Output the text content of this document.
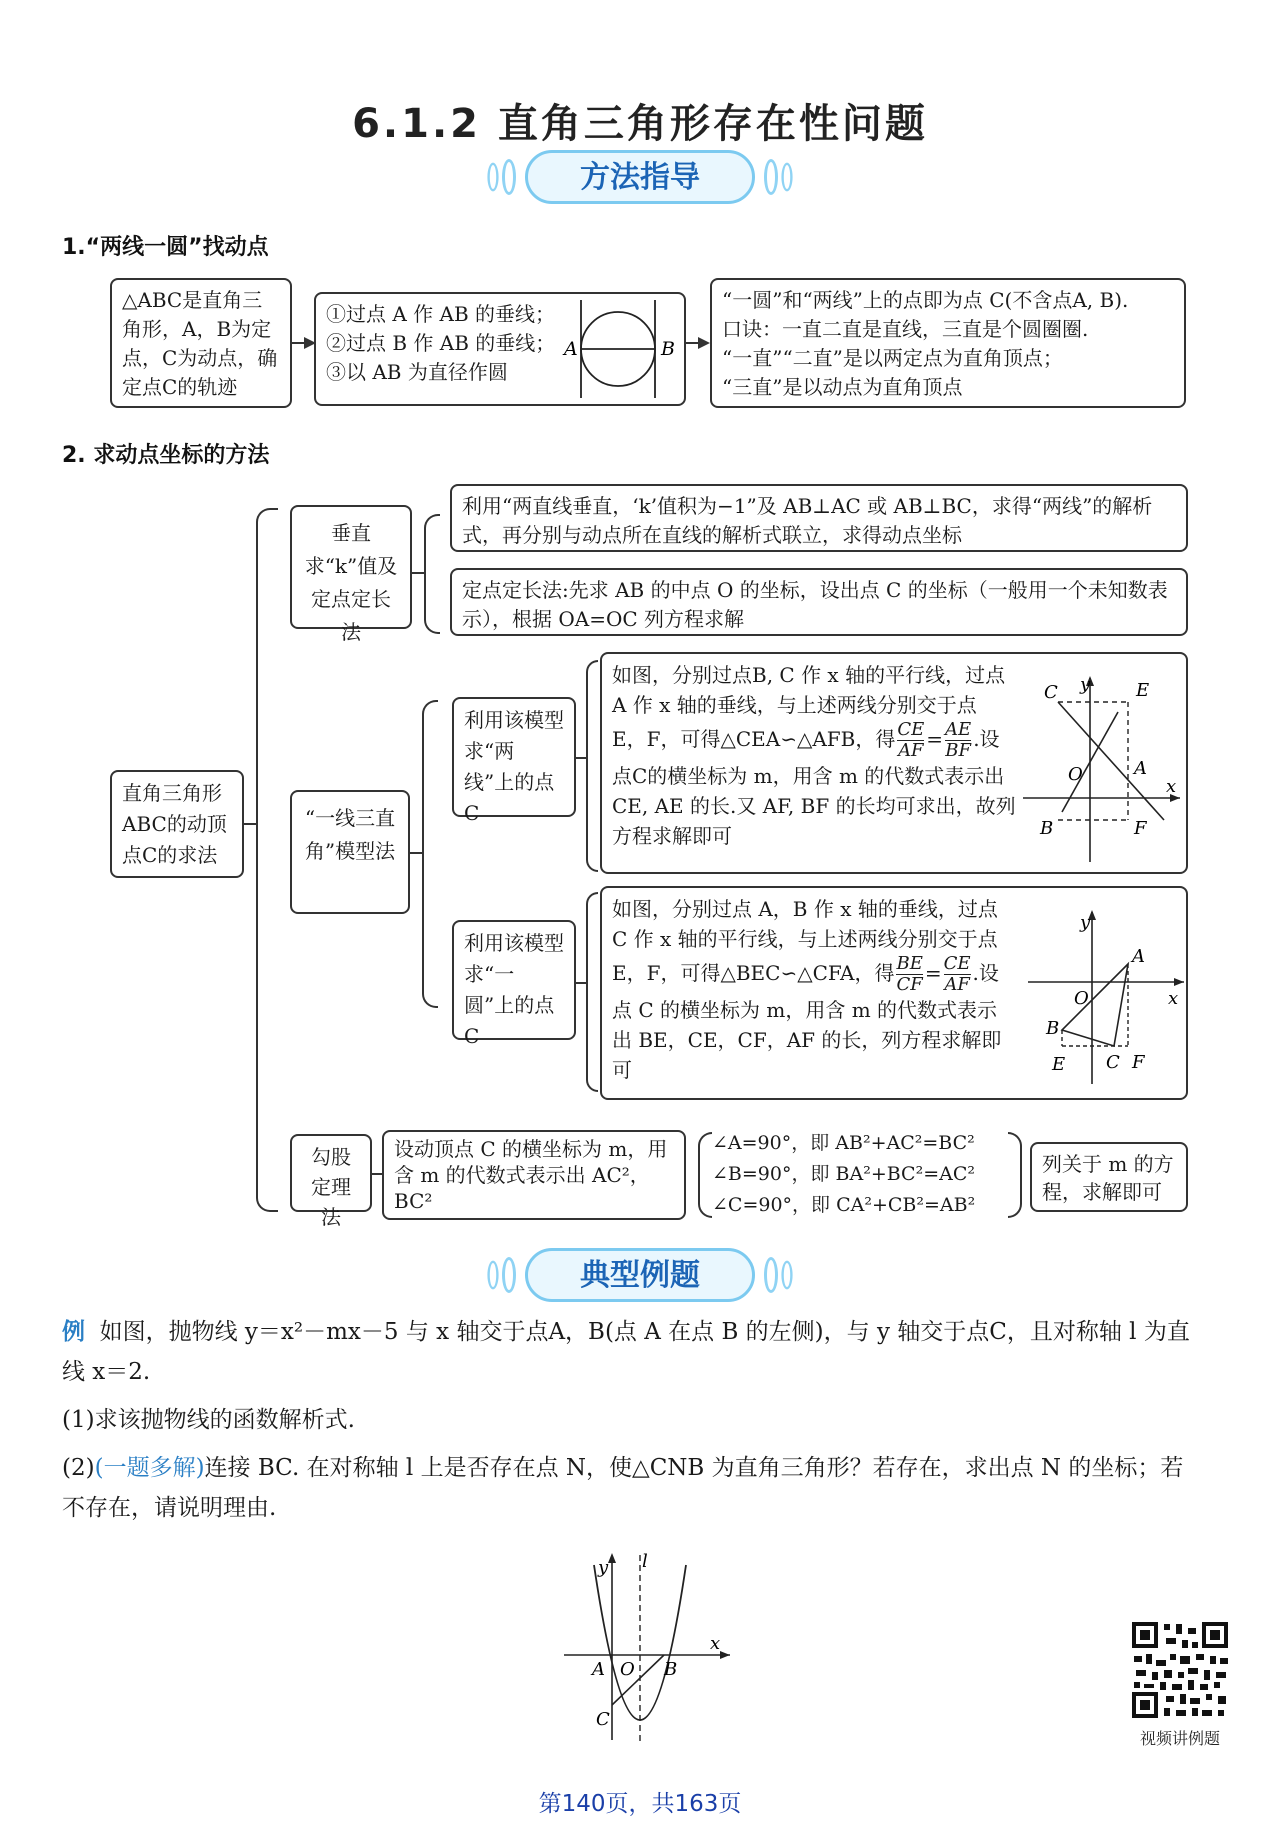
6.1.2 直角三角形存在性问题
方法指导
1.“两线一圆”找动点
△ABC是直角三角形，A，B为定点，C为动点，确定点C的轨迹

①过点 A 作 AB 的垂线；

②过点 B 作 AB 的垂线；

③以 AB 为直径作圆

A	B

“一圆”和“两线”上的点即为点 C(不含点A, B).

口诀：一直二直是直线，三直是个圆圈圈.

“一直”“二直”是以两定点为直角顶点；

“三直”是以动点为直角顶点

2. 求动点坐标的方法
直角三角形ABC的动顶点C的求法
垂直求“k”值及定点定长法
利用“两直线垂直，‘k’值积为−1”及 AB⊥AC 或 AB⊥BC，求得“两线”的解析式，再分别与动点所在直线的解析式联立，求得动点坐标
定点定长法:先求 AB 的中点 O 的坐标，设出点 C 的坐标（一般用一个未知数表示），根据 OA=OC 列方程求解
“一线三直角”模型法
利用该模型求“两线”上的点 C
如图，分别过点B, C 作 x 轴的平行线，过点 A 作 x 轴的垂线，与上述两线分别交于点 E，F，可得△CEA∽△AFB，得 $\frac{CE}{AF} = \frac{AE}{BF}$ .设点C的横坐标为 m，用含 m 的代数式表示出 CE, AE 的长.又 AF, BF 的长均可求出，故列方程求解即可
y
x
O
C	E
A
F
B
利用该模型求“一圆”上的点 C
如图，分别过点 A，B 作 x 轴的垂线，过点 C 作 x 轴的平行线，与上述两线分别交于点 E，F，可得△BEC∽△CFA，得 $\frac{BE}{CF} = \frac{CE}{AF}$ .设点 C 的横坐标为 m，用含 m 的代数式表示出 BE，CE，CF，AF 的长，列方程求解即可
y
x
O
A
B
E C F
勾股定理法
设动顶点 C 的横坐标为 m，用含 m 的代数式表示出 AC²，BC²
∠A=90°，即 AB²+AC²=BC²
∠B=90°，即 BA²+BC²=AC²
∠C=90°，即 CA²+CB²=AB²
列关于 m 的方程，求解即可
典型例题
例 如图，抛物线 y＝x²－mx－5 与 x 轴交于点A，B(点 A 在点 B 的左侧)，与 y 轴交于点C，且对称轴 l 为直线 x＝2.
(1)求该抛物线的函数解析式.
(2)(一题多解)连接 BC. 在对称轴 l 上是否存在点 N，使△CNB 为直角三角形？若存在，求出点 N 的坐标；若不存在，请说明理由.
y l
x
A O B
C
视频讲例题
第140页，共163页
